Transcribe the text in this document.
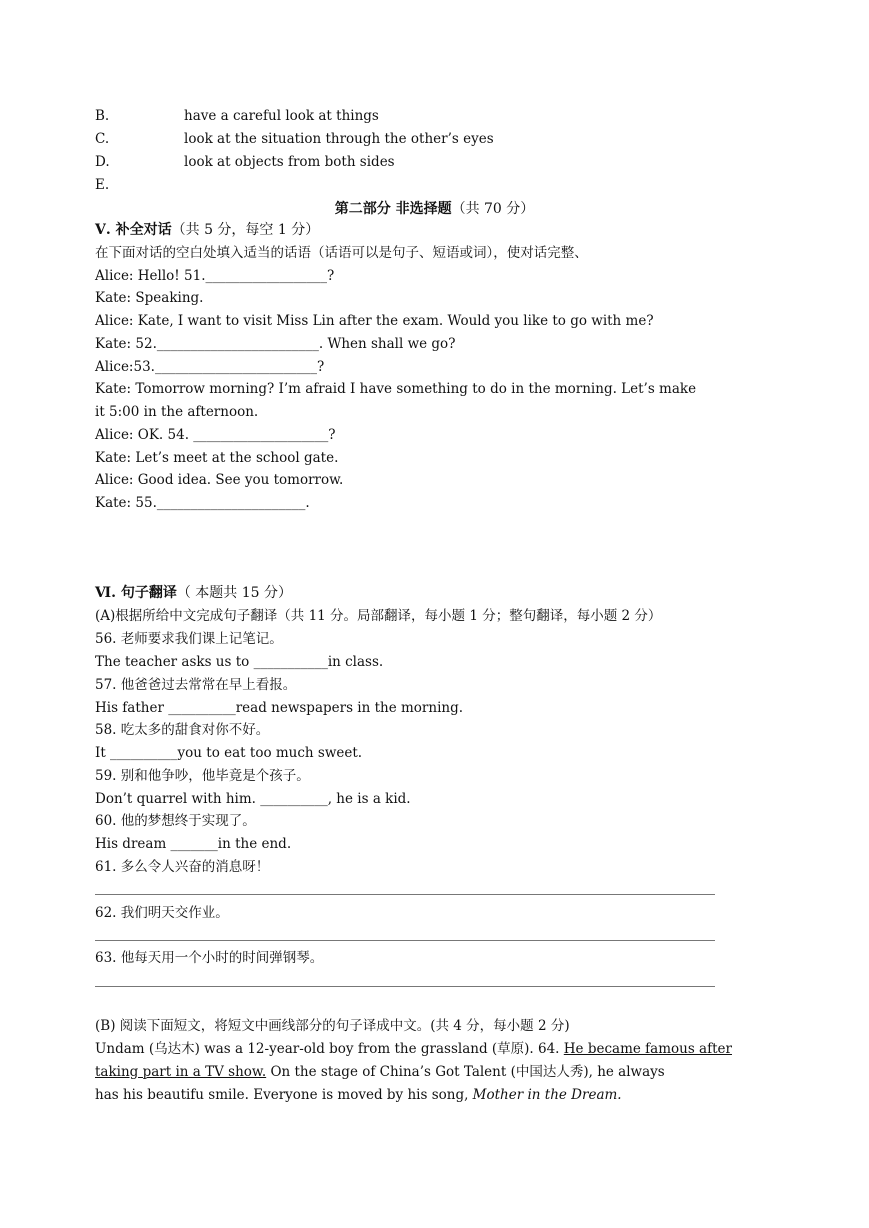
B.	have a careful look at things
C.	look at the situation through the other’s eyes
D.	look at objects from both sides
E.
第二部分 非选择题（共 70 分）
Ⅴ. 补全对话（共 5 分，每空 1 分）
在下面对话的空白处填入适当的话语（话语可以是句子、短语或词），使对话完整、
Alice: Hello! 51.__________________?
Kate: Speaking.
Alice: Kate, I want to visit Miss Lin after the exam. Would you like to go with me?
Kate: 52.________________________. When shall we go?
Alice:53.________________________?
Kate: Tomorrow morning? I’m afraid I have something to do in the morning. Let’s make
it 5:00 in the afternoon.
Alice: OK. 54. ____________________?
Kate: Let’s meet at the school gate.
Alice: Good idea. See you tomorrow.
Kate: 55.______________________.
Ⅵ. 句子翻译（ 本题共 15 分）
(A)根据所给中文完成句子翻译（共 11 分。局部翻译，每小题 1 分；整句翻译，每小题 2 分）
56. 老师要求我们课上记笔记。
The teacher asks us to ___________in class.
57. 他爸爸过去常常在早上看报。
His father __________read newspapers in the morning.
58. 吃太多的甜食对你不好。
It __________you to eat too much sweet.
59. 别和他争吵，他毕竟是个孩子。
Don’t quarrel with him. __________, he is a kid.
60. 他的梦想终于实现了。
His dream _______in the end.
61. 多么令人兴奋的消息呀！
62. 我们明天交作业。
63. 他每天用一个小时的时间弹钢琴。
(B) 阅读下面短文，将短文中画线部分的句子译成中文。(共 4 分，每小题 2 分)
Undam (乌达木) was a 12-year-old boy from the grassland (草原). 64. He became famous after
taking part in a TV show. On the stage of China’s Got Talent (中国达人秀), he always
has his beautifu smile. Everyone is moved by his song, Mother in the Dream.
